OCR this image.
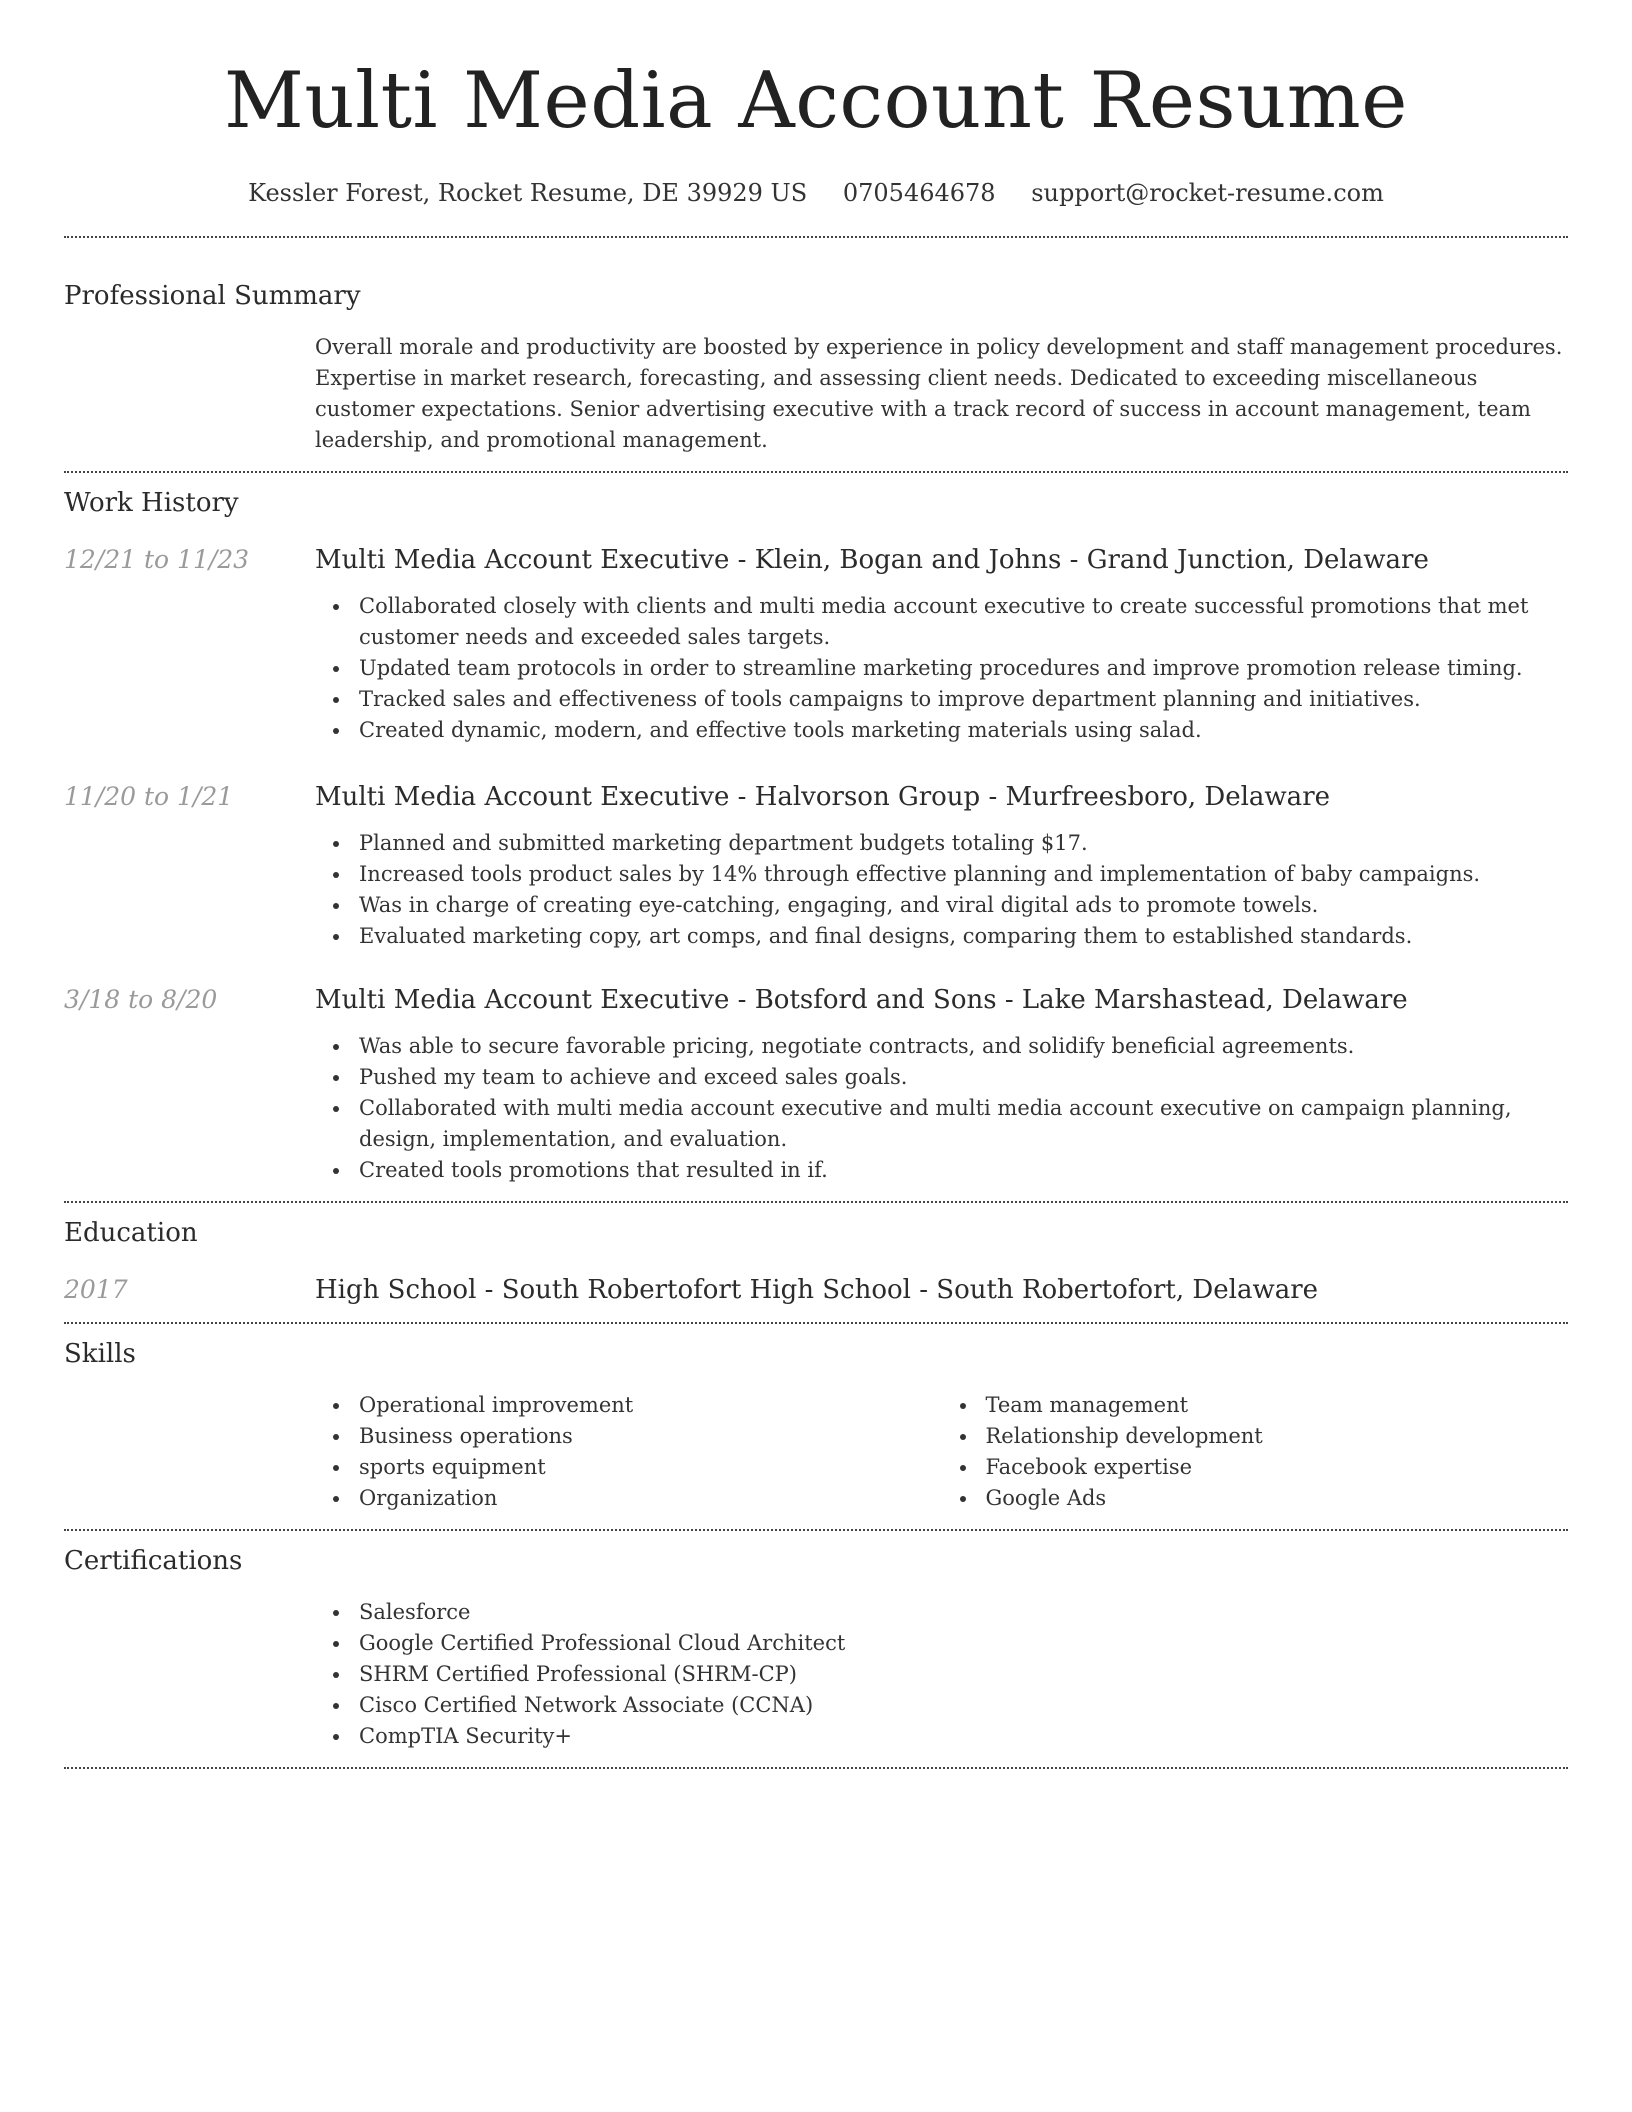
Multi Media Account Resume
Kessler Forest, Rocket Resume, DE 39929 US 0705464678 support@rocket-resume.com
Professional Summary
Overall morale and productivity are boosted by experience in policy development and staff management procedures. Expertise in market research, forecasting, and assessing client needs. Dedicated to exceeding miscellaneous customer expectations. Senior advertising executive with a track record of success in account management, team leadership, and promotional management.
Work History
12/21 to 11/23	Multi Media Account Executive - Klein, Bogan and Johns - Grand Junction, Delaware
Collaborated closely with clients and multi media account executive to create successful promotions that met customer needs and exceeded sales targets.
Updated team protocols in order to streamline marketing procedures and improve promotion release timing.
Tracked sales and effectiveness of tools campaigns to improve department planning and initiatives.
Created dynamic, modern, and effective tools marketing materials using salad.
11/20 to 1/21	Multi Media Account Executive - Halvorson Group - Murfreesboro, Delaware
Planned and submitted marketing department budgets totaling $17.
Increased tools product sales by 14% through effective planning and implementation of baby campaigns.
Was in charge of creating eye-catching, engaging, and viral digital ads to promote towels.
Evaluated marketing copy, art comps, and final designs, comparing them to established standards.
3/18 to 8/20	Multi Media Account Executive - Botsford and Sons - Lake Marshastead, Delaware
Was able to secure favorable pricing, negotiate contracts, and solidify beneficial agreements.
Pushed my team to achieve and exceed sales goals.
Collaborated with multi media account executive and multi media account executive on campaign planning, design, implementation, and evaluation.
Created tools promotions that resulted in if.
Education
2017	High School - South Robertofort High School - South Robertofort, Delaware
Skills
Operational improvement
Business operations
sports equipment
Organization
Team management
Relationship development
Facebook expertise
Google Ads
Certifications
Salesforce
Google Certified Professional Cloud Architect
SHRM Certified Professional (SHRM-CP)
Cisco Certified Network Associate (CCNA)
CompTIA Security+
